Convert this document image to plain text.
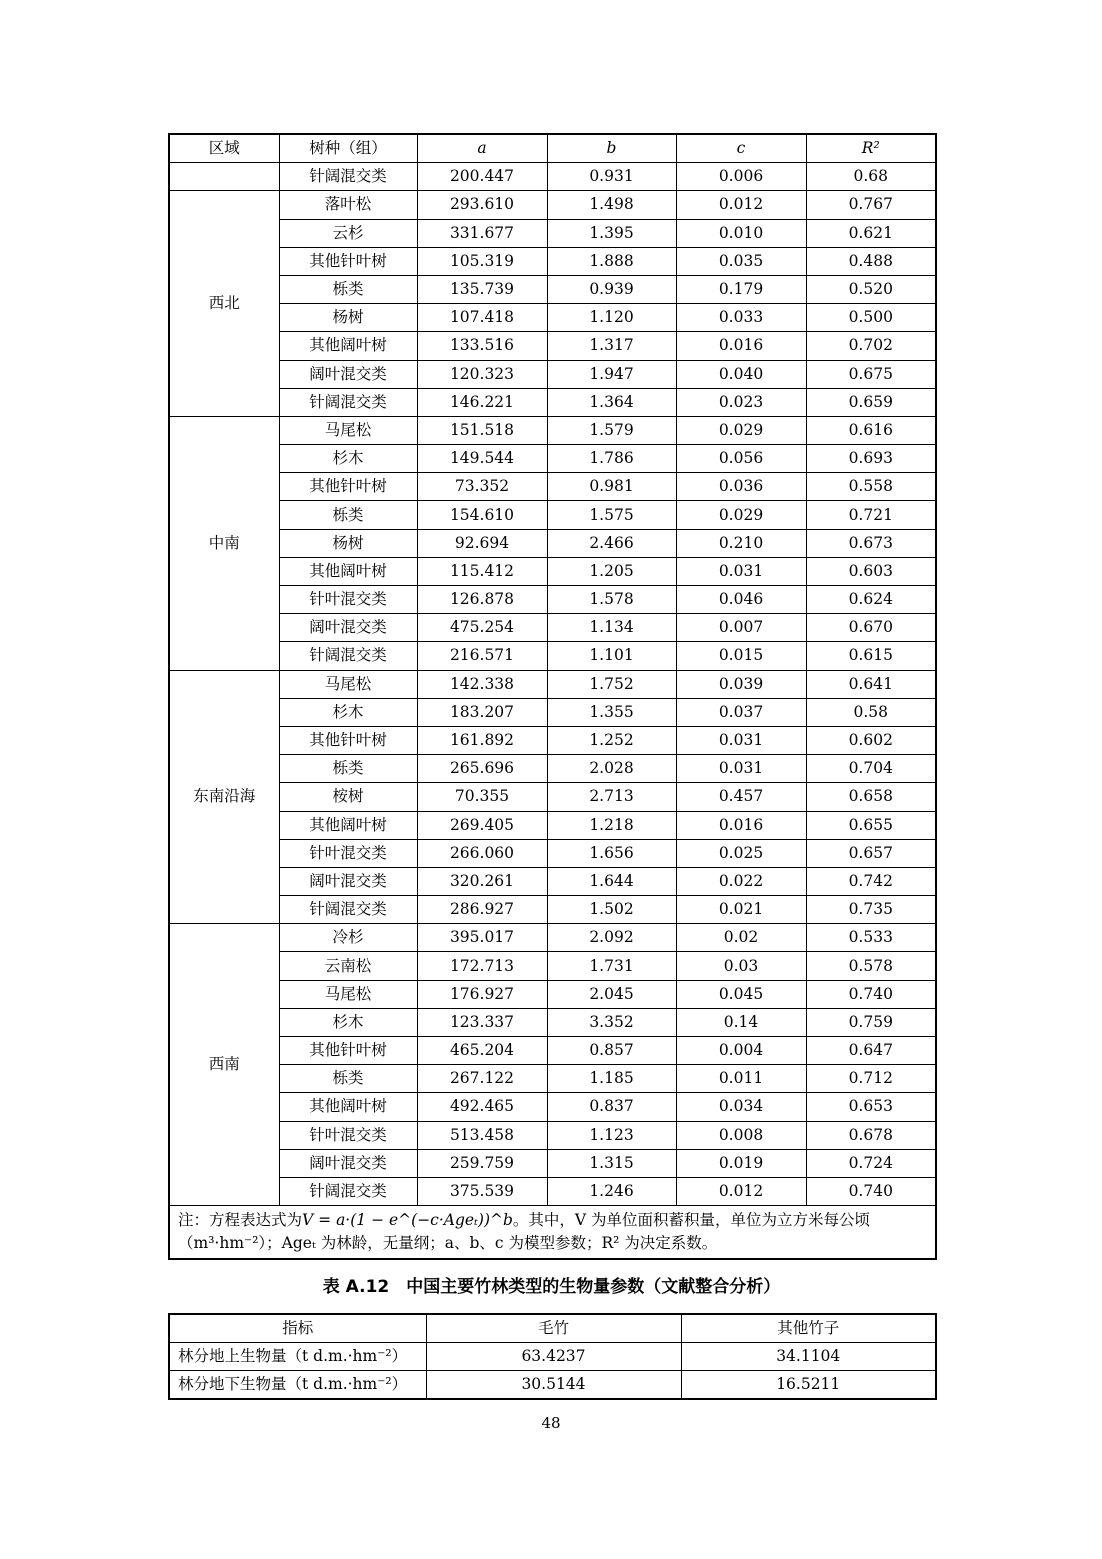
区域	树种（组）	a	b	c	R²
	针阔混交类	200.447	0.931	0.006	0.68
西北	落叶松	293.610	1.498	0.012	0.767
	云杉	331.677	1.395	0.010	0.621
	其他针叶树	105.319	1.888	0.035	0.488
	栎类	135.739	0.939	0.179	0.520
	杨树	107.418	1.120	0.033	0.500
	其他阔叶树	133.516	1.317	0.016	0.702
	阔叶混交类	120.323	1.947	0.040	0.675
	针阔混交类	146.221	1.364	0.023	0.659
中南	马尾松	151.518	1.579	0.029	0.616
	杉木	149.544	1.786	0.056	0.693
	其他针叶树	73.352	0.981	0.036	0.558
	栎类	154.610	1.575	0.029	0.721
	杨树	92.694	2.466	0.210	0.673
	其他阔叶树	115.412	1.205	0.031	0.603
	针叶混交类	126.878	1.578	0.046	0.624
	阔叶混交类	475.254	1.134	0.007	0.670
	针阔混交类	216.571	1.101	0.015	0.615
东南沿海	马尾松	142.338	1.752	0.039	0.641
	杉木	183.207	1.355	0.037	0.58
	其他针叶树	161.892	1.252	0.031	0.602
	栎类	265.696	2.028	0.031	0.704
	桉树	70.355	2.713	0.457	0.658
	其他阔叶树	269.405	1.218	0.016	0.655
	针叶混交类	266.060	1.656	0.025	0.657
	阔叶混交类	320.261	1.644	0.022	0.742
	针阔混交类	286.927	1.502	0.021	0.735
西南	冷杉	395.017	2.092	0.02	0.533
	云南松	172.713	1.731	0.03	0.578
	马尾松	176.927	2.045	0.045	0.740
	杉木	123.337	3.352	0.14	0.759
	其他针叶树	465.204	0.857	0.004	0.647
	栎类	267.122	1.185	0.011	0.712
	其他阔叶树	492.465	0.837	0.034	0.653
	针叶混交类	513.458	1.123	0.008	0.678
	阔叶混交类	259.759	1.315	0.019	0.724
	针阔混交类	375.539	1.246	0.012	0.740
注：方程表达式为V = a·(1 − e^(−c·Ageₜ))^b。其中，V 为单位面积蓄积量，单位为立方米每公顷（m³·hm⁻²）；Ageₜ 为林龄，无量纲；a、b、c 为模型参数；R² 为决定系数。					
表 A.12　中国主要竹林类型的生物量参数（文献整合分析）
指标	毛竹	其他竹子
林分地上生物量（t d.m.·hm⁻²）	63.4237	34.1104
林分地下生物量（t d.m.·hm⁻²）	30.5144	16.5211
48
